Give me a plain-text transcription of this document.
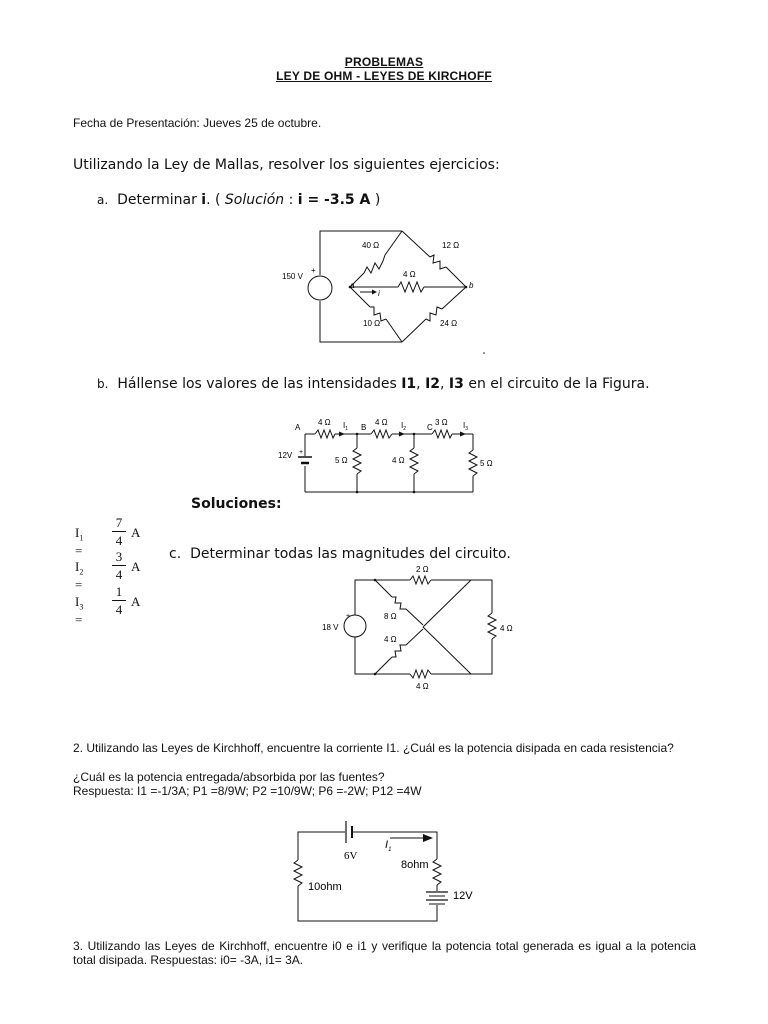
PROBLEMAS
LEY DE OHM - LEYES DE KIRCHOFF
Fecha de Presentación: Jueves 25 de octubre.
Utilizando la Ley de Mallas, resolver los siguientes ejercicios:
a. Determinar i. ( Solución : i = -3.5 A )
150 V
+
40 Ω	12 Ω
4 Ω
10 Ω	24 Ω
a	b
i
b. Hállense los valores de las intensidades I1, I2, I3 en el circuito de la Figura.
A	B	C
4 Ω	4 Ω	3 Ω
5 Ω	4 Ω	5 Ω
12V +
$I_1$	$I_2$	$I_3$
Soluciones:
$I_1$ =
7
4
A
$I_2$ =
3
4
A
$I_3$ =
1
4
A
c. Determinar todas las magnitudes del circuito.
18 V
+
2 Ω
8 Ω
4 Ω
4 Ω
4 Ω
2. Utilizando las Leyes de Kirchhoff, encuentre la corriente I1. ¿Cuál es la potencia disipada en cada resistencia?
¿Cuál es la potencia entregada/absorbida por las fuentes?
Respuesta: I1 =-1/3A; P1 =8/9W; P2 =10/9W; P6 =-2W; P12 =4W
6V
$I_1$
8ohm
10ohm
12V
3. Utilizando las Leyes de Kirchhoff, encuentre i0 e i1 y verifique la potencia total generada es igual a la potencia total disipada. Respuestas: i0= -3A, i1= 3A.
